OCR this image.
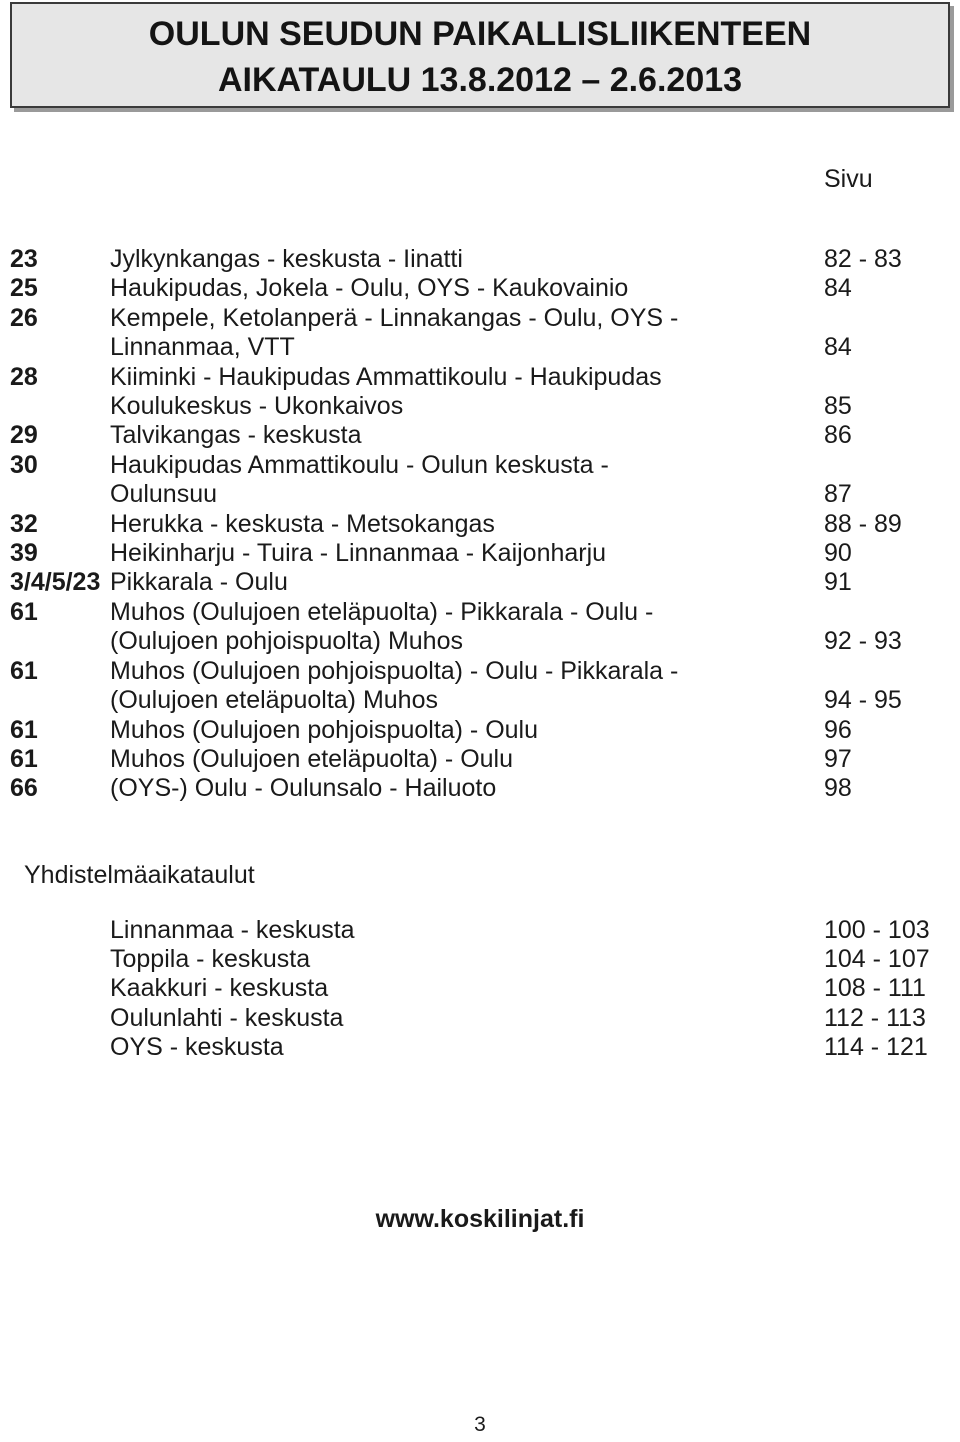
OULUN SEUDUN PAIKALLISLIIKENTEEN
AIKATAULU 13.8.2012 – 2.6.2013
Sivu
23	Jylkynkangas - keskusta - Iinatti	82 - 83
25	Haukipudas, Jokela - Oulu, OYS - Kaukovainio	84
26	Kempele, Ketolanperä - Linnakangas - Oulu, OYS -
Linnanmaa, VTT	84
28	Kiiminki - Haukipudas Ammattikoulu - Haukipudas
Koulukeskus - Ukonkaivos	85
29	Talvikangas - keskusta	86
30	Haukipudas Ammattikoulu - Oulun keskusta -
Oulunsuu	87
32	Herukka - keskusta - Metsokangas	88 - 89
39	Heikinharju - Tuira - Linnanmaa - Kaijonharju	90
3/4/5/23 Pikkarala - Oulu	91
61	Muhos (Oulujoen eteläpuolta) - Pikkarala - Oulu -
(Oulujoen pohjoispuolta) Muhos	92 - 93
61	Muhos (Oulujoen pohjoispuolta) - Oulu - Pikkarala -
(Oulujoen eteläpuolta) Muhos	94 - 95
61	Muhos (Oulujoen pohjoispuolta) - Oulu	96
61	Muhos (Oulujoen eteläpuolta) - Oulu	97
66	(OYS-) Oulu - Oulunsalo - Hailuoto	98
Yhdistelmäaikataulut
Linnanmaa - keskusta	100 - 103
Toppila - keskusta	104 - 107
Kaakkuri - keskusta	108 - 111
Oulunlahti - keskusta	112 - 113
OYS - keskusta	114 - 121
www.koskilinjat.fi
3
